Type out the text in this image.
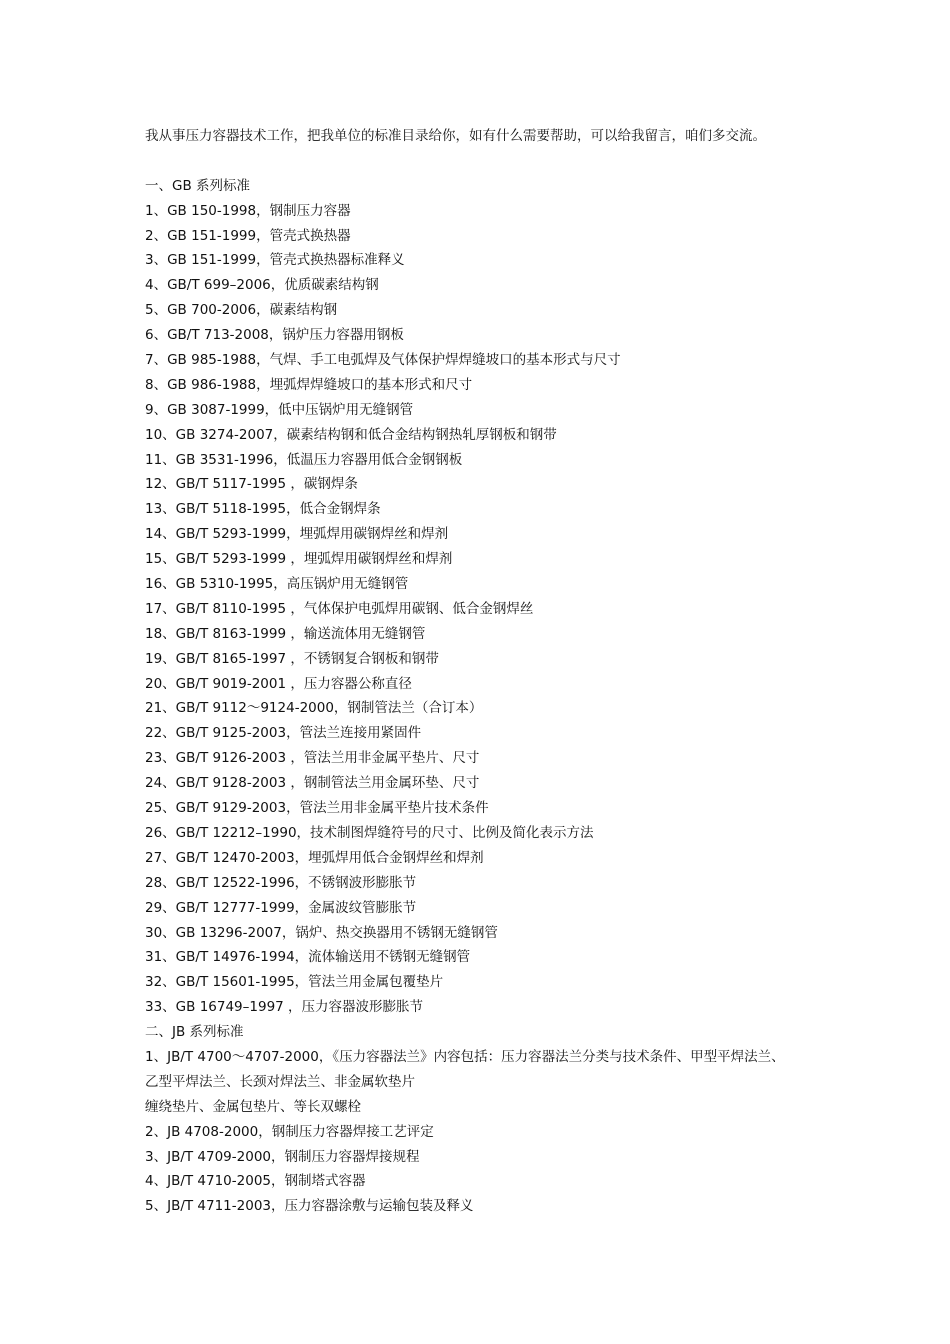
我从事压力容器技术工作，把我单位的标准目录给你，如有什么需要帮助，可以给我留言，咱们多交流。
一、GB 系列标准
1、GB 150-1998，钢制压力容器
2、GB 151-1999，管壳式换热器
3、GB 151-1999，管壳式换热器标准释义
4、GB/T 699–2006，优质碳素结构钢
5、GB 700-2006，碳素结构钢
6、GB/T 713-2008，锅炉压力容器用钢板
7、GB 985-1988，气焊、手工电弧焊及气体保护焊焊缝坡口的基本形式与尺寸
8、GB 986-1988，埋弧焊焊缝坡口的基本形式和尺寸
9、GB 3087-1999，低中压锅炉用无缝钢管
10、GB 3274-2007，碳素结构钢和低合金结构钢热轧厚钢板和钢带
11、GB 3531-1996，低温压力容器用低合金钢钢板
12、GB/T 5117-1995 ，碳钢焊条
13、GB/T 5118-1995，低合金钢焊条
14、GB/T 5293-1999，埋弧焊用碳钢焊丝和焊剂
15、GB/T 5293-1999 ，埋弧焊用碳钢焊丝和焊剂
16、GB 5310-1995，高压锅炉用无缝钢管
17、GB/T 8110-1995 ，气体保护电弧焊用碳钢、低合金钢焊丝
18、GB/T 8163-1999 ，输送流体用无缝钢管
19、GB/T 8165-1997 ，不锈钢复合钢板和钢带
20、GB/T 9019-2001 ，压力容器公称直径
21、GB/T 9112～9124-2000，钢制管法兰（合订本）
22、GB/T 9125-2003，管法兰连接用紧固件
23、GB/T 9126-2003 ，管法兰用非金属平垫片、尺寸
24、GB/T 9128-2003 ，钢制管法兰用金属环垫、尺寸
25、GB/T 9129-2003，管法兰用非金属平垫片技术条件
26、GB/T 12212–1990，技术制图焊缝符号的尺寸、比例及简化表示方法
27、GB/T 12470-2003，埋弧焊用低合金钢焊丝和焊剂
28、GB/T 12522-1996，不锈钢波形膨胀节
29、GB/T 12777-1999，金属波纹管膨胀节
30、GB 13296-2007，锅炉、热交换器用不锈钢无缝钢管
31、GB/T 14976-1994，流体输送用不锈钢无缝钢管
32、GB/T 15601-1995，管法兰用金属包覆垫片
33、GB 16749–1997 ，压力容器波形膨胀节
二、JB 系列标准
1、JB/T 4700～4707-2000，《压力容器法兰》内容包括：压力容器法兰分类与技术条件、甲型平焊法兰、
乙型平焊法兰、长颈对焊法兰、非金属软垫片
缠绕垫片、金属包垫片、等长双螺栓
2、JB 4708-2000，钢制压力容器焊接工艺评定
3、JB/T 4709-2000，钢制压力容器焊接规程
4、JB/T 4710-2005，钢制塔式容器
5、JB/T 4711-2003，压力容器涂敷与运输包装及释义
